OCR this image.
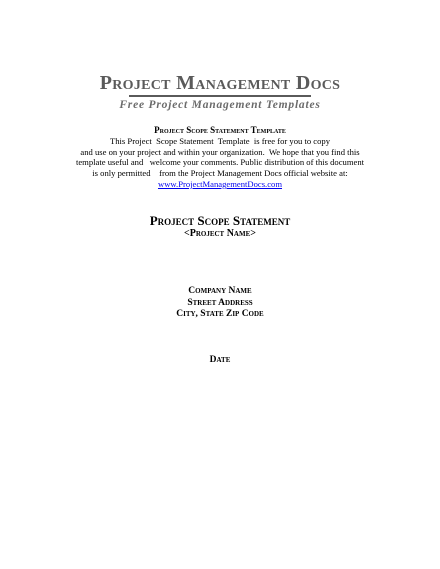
Project Management Docs
Free Project Management Templates
Project Scope Statement Template
This Project  Scope Statement  Template  is free for you to copy
and use on your project and within your organization.  We hope that you find this
template useful and   welcome your comments. Public distribution of this document
is only permitted    from the Project Management Docs official website at:
www.ProjectManagementDocs.com
Project Scope Statement
<Project Name>
Company Name
Street Address
City, State Zip Code
Date
